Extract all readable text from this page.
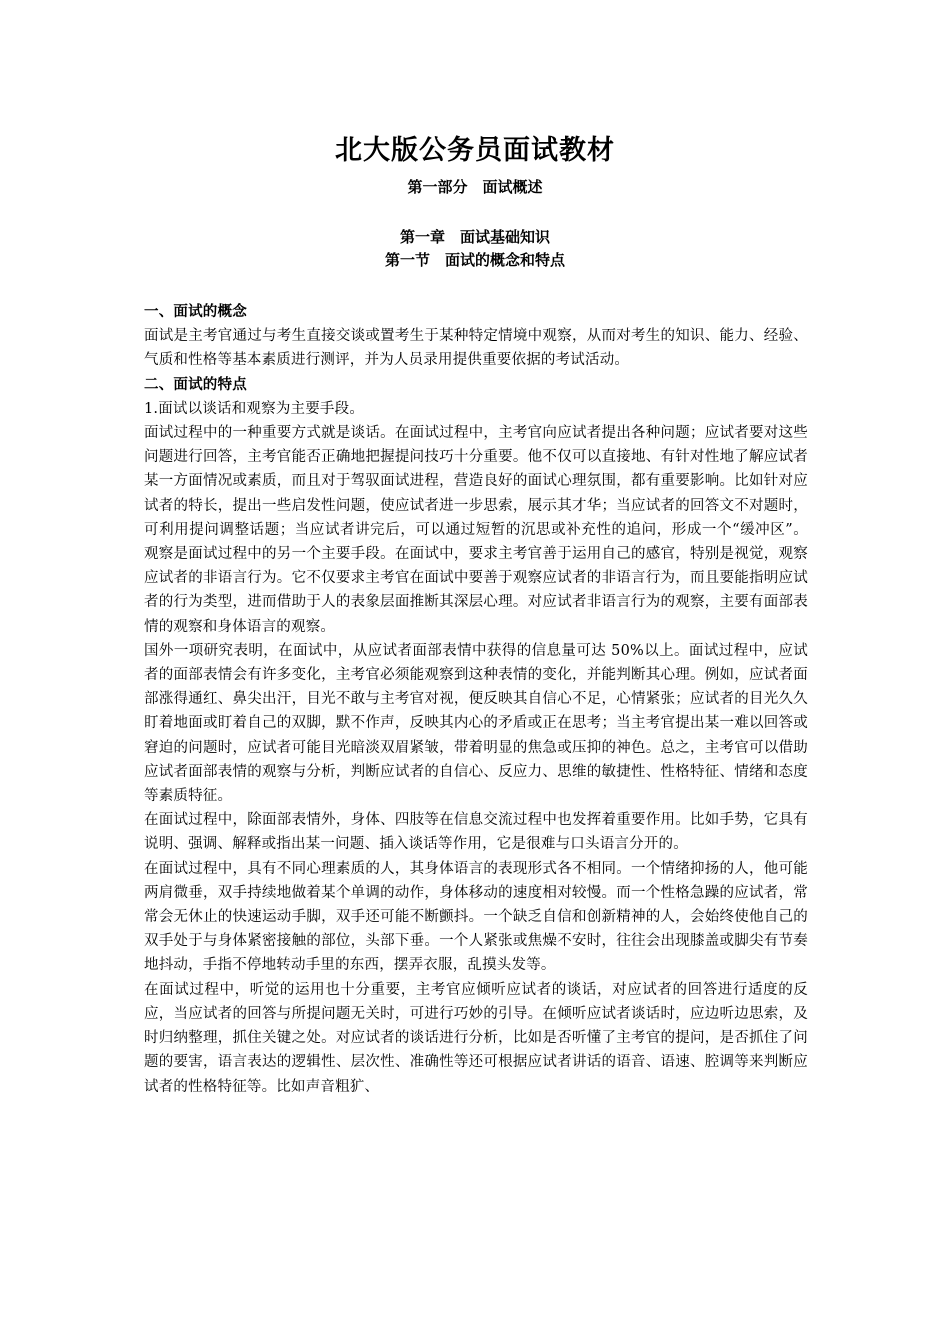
北大版公务员面试教材
第一部分　面试概述
第一章　面试基础知识
第一节　面试的概念和特点

一、面试的概念

面试是主考官通过与考生直接交谈或置考生于某种特定情境中观察，从而对考生的知识、能力、经验、气质和性格等基本素质进行测评，并为人员录用提供重要依据的考试活动。

二、面试的特点

1.面试以谈话和观察为主要手段。

面试过程中的一种重要方式就是谈话。在面试过程中，主考官向应试者提出各种问题；应试者要对这些问题进行回答，主考官能否正确地把握提问技巧十分重要。他不仅可以直接地、有针对性地了解应试者某一方面情况或素质，而且对于驾驭面试进程，营造良好的面试心理氛围，都有重要影响。比如针对应试者的特长，提出一些启发性问题，使应试者进一步思索，展示其才华；当应试者的回答文不对题时，可利用提问调整话题；当应试者讲完后，可以通过短暂的沉思或补充性的追问，形成一个“缓冲区”。 观察是面试过程中的另一个主要手段。在面试中，要求主考官善于运用自己的感官，特别是视觉，观察应试者的非语言行为。它不仅要求主考官在面试中要善于观察应试者的非语言行为，而且要能指明应试者的行为类型，进而借助于人的表象层面推断其深层心理。对应试者非语言行为的观察，主要有面部表情的观察和身体语言的观察。

国外一项研究表明，在面试中，从应试者面部表情中获得的信息量可达 50%以上。面试过程中，应试者的面部表情会有许多变化，主考官必须能观察到这种表情的变化，并能判断其心理。例如，应试者面部涨得通红、鼻尖出汗，目光不敢与主考官对视，便反映其自信心不足，心情紧张；应试者的目光久久盯着地面或盯着自己的双脚，默不作声，反映其内心的矛盾或正在思考；当主考官提出某一难以回答或窘迫的问题时，应试者可能目光暗淡双眉紧皱，带着明显的焦急或压抑的神色。总之，主考官可以借助应试者面部表情的观察与分析，判断应试者的自信心、反应力、思维的敏捷性、性格特征、情绪和态度等素质特征。

在面试过程中，除面部表情外，身体、四肢等在信息交流过程中也发挥着重要作用。比如手势，它具有说明、强调、解释或指出某一问题、插入谈话等作用，它是很难与口头语言分开的。

在面试过程中，具有不同心理素质的人，其身体语言的表现形式各不相同。一个情绪抑扬的人，他可能两肩微垂，双手持续地做着某个单调的动作，身体移动的速度相对较慢。而一个性格急躁的应试者，常常会无休止的快速运动手脚，双手还可能不断颤抖。一个缺乏自信和创新精神的人，会始终使他自己的双手处于与身体紧密接触的部位，头部下垂。一个人紧张或焦燥不安时，往往会出现膝盖或脚尖有节奏地抖动，手指不停地转动手里的东西，摆弄衣服，乱摸头发等。

在面试过程中，听觉的运用也十分重要，主考官应倾听应试者的谈话，对应试者的回答进行适度的反应，当应试者的回答与所提问题无关时，可进行巧妙的引导。在倾听应试者谈话时，应边听边思索，及时归纳整理，抓住关键之处。对应试者的谈话进行分析，比如是否听懂了主考官的提问，是否抓住了问题的要害，语言表达的逻辑性、层次性、准确性等还可根据应试者讲话的语音、语速、腔调等来判断应试者的性格特征等。比如声音粗犷、
